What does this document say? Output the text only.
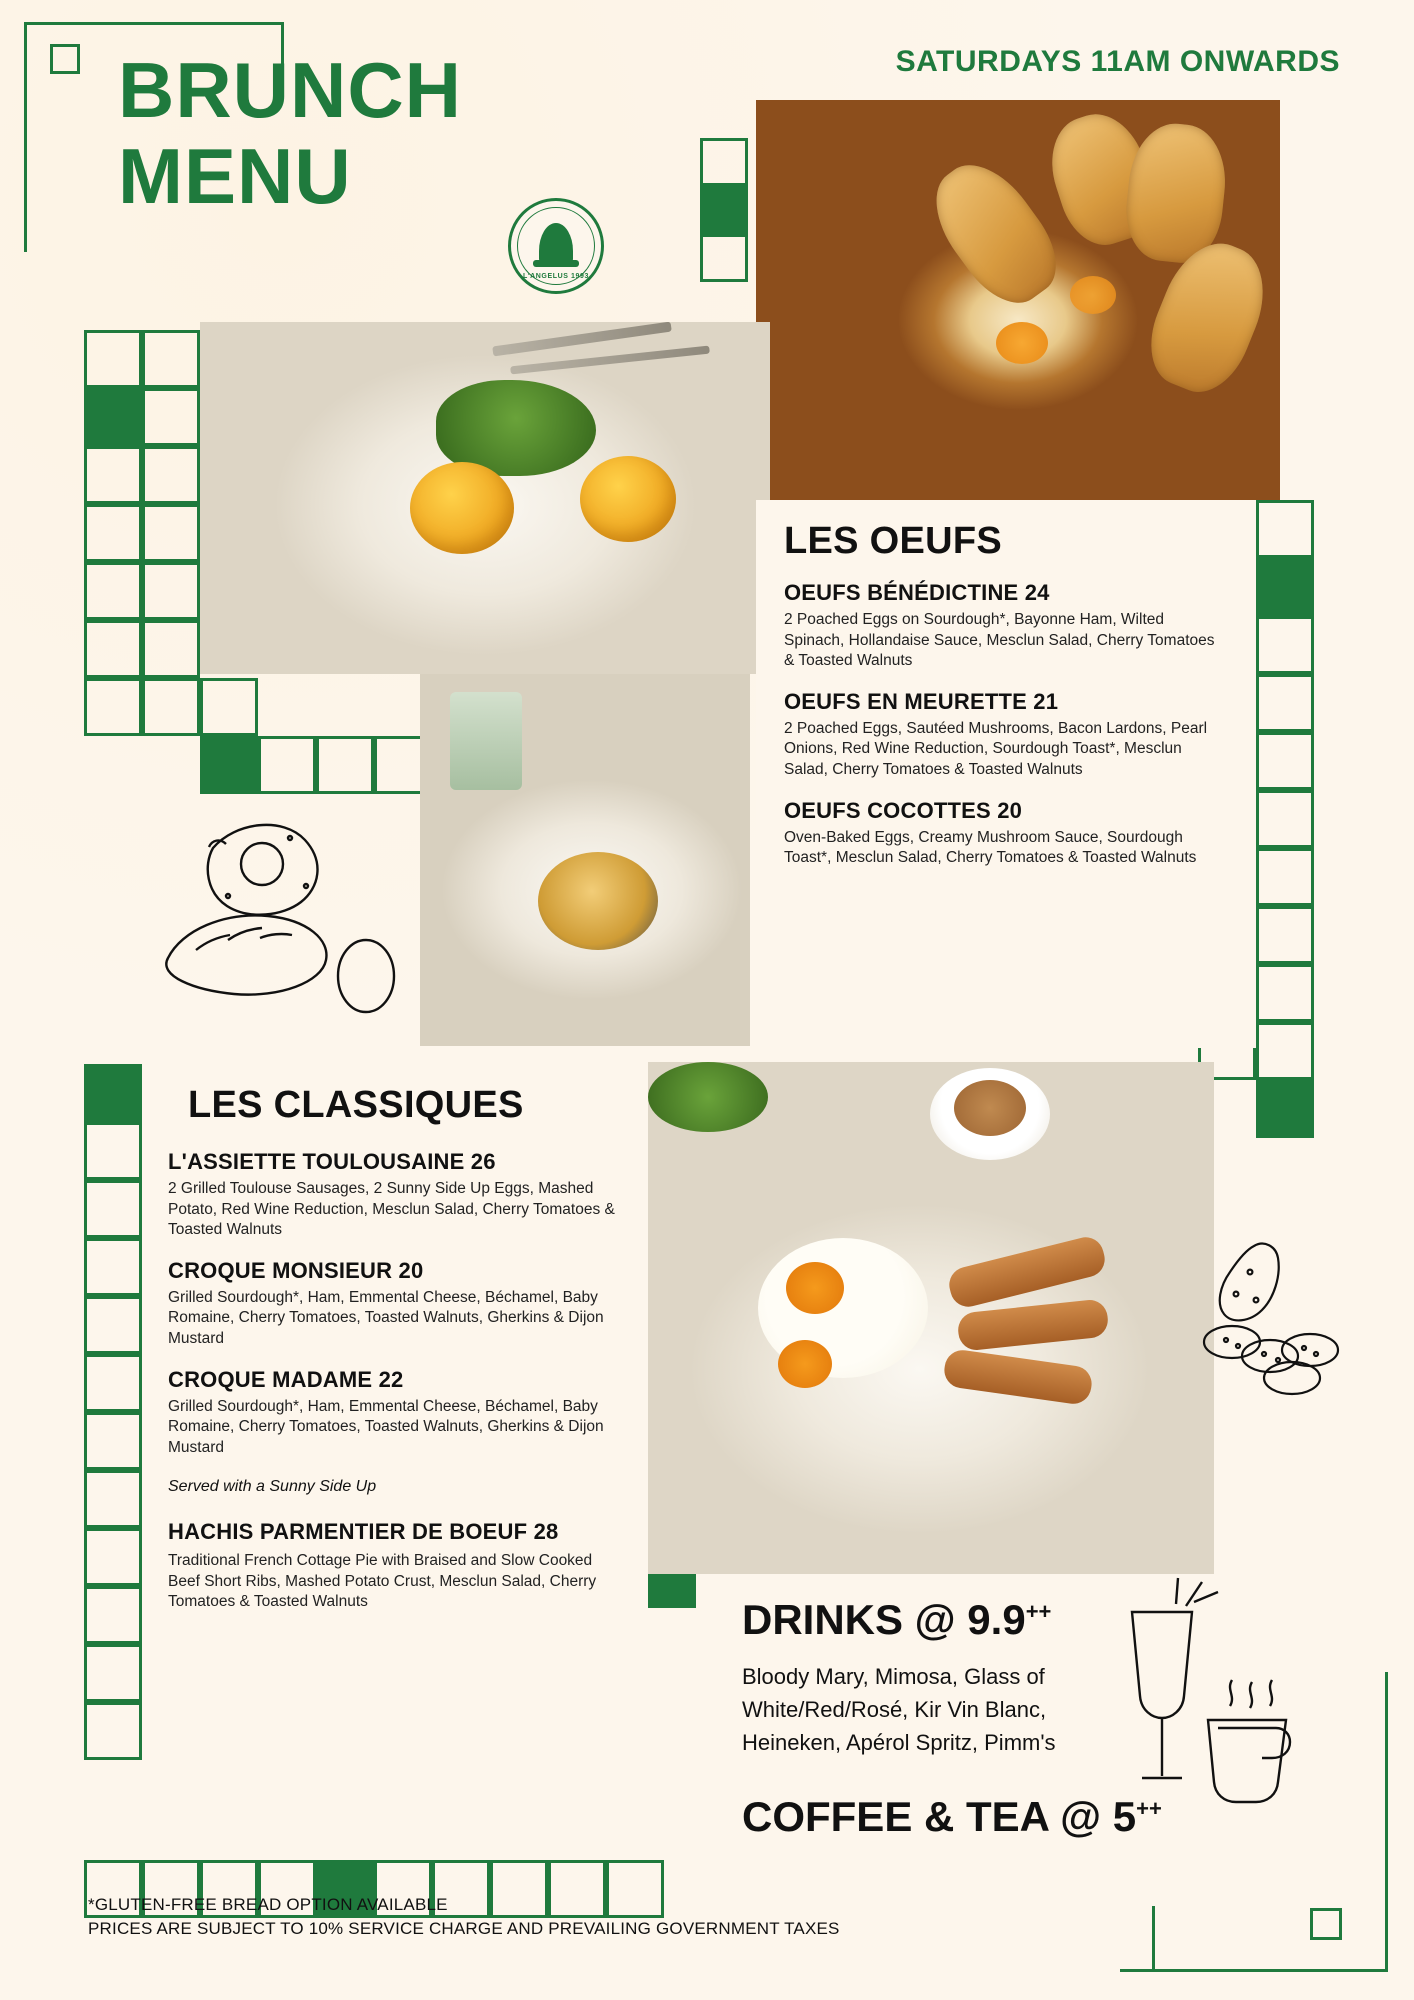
BRUNCH
MENU
SATURDAYS 11AM ONWARDS
L'ANGELUS 1993
LES OEUFS
OEUFS BÉNÉDICTINE 24
2 Poached Eggs on Sourdough*, Bayonne Ham, Wilted Spinach, Hollandaise Sauce, Mesclun Salad, Cherry Tomatoes & Toasted Walnuts
OEUFS EN MEURETTE 21
2 Poached Eggs, Sautéed Mushrooms, Bacon Lardons, Pearl Onions, Red Wine Reduction, Sourdough Toast*, Mesclun Salad, Cherry Tomatoes & Toasted Walnuts
OEUFS COCOTTES 20
Oven-Baked Eggs, Creamy Mushroom Sauce, Sourdough Toast*, Mesclun Salad, Cherry Tomatoes & Toasted Walnuts
LES CLASSIQUES
L'ASSIETTE TOULOUSAINE 26
2 Grilled Toulouse Sausages, 2 Sunny Side Up Eggs, Mashed Potato, Red Wine Reduction, Mesclun Salad, Cherry Tomatoes & Toasted Walnuts
CROQUE MONSIEUR 20
Grilled Sourdough*, Ham, Emmental Cheese, Béchamel, Baby Romaine, Cherry Tomatoes, Toasted Walnuts, Gherkins & Dijon Mustard
CROQUE MADAME 22
Grilled Sourdough*, Ham, Emmental Cheese, Béchamel, Baby Romaine, Cherry Tomatoes, Toasted Walnuts, Gherkins & Dijon Mustard
Served with a Sunny Side Up
HACHIS PARMENTIER DE BOEUF 28
Traditional French Cottage Pie with Braised and Slow Cooked Beef Short Ribs, Mashed Potato Crust, Mesclun Salad, Cherry Tomatoes & Toasted Walnuts	DRINKS @ 9.9++
Bloody Mary, Mimosa, Glass of White/Red/Rosé, Kir Vin Blanc, Heineken, Apérol Spritz, Pimm's
COFFEE & TEA @ 5++
*GLUTEN-FREE BREAD OPTION AVAILABLE
PRICES ARE SUBJECT TO 10% SERVICE CHARGE AND PREVAILING GOVERNMENT TAXES
